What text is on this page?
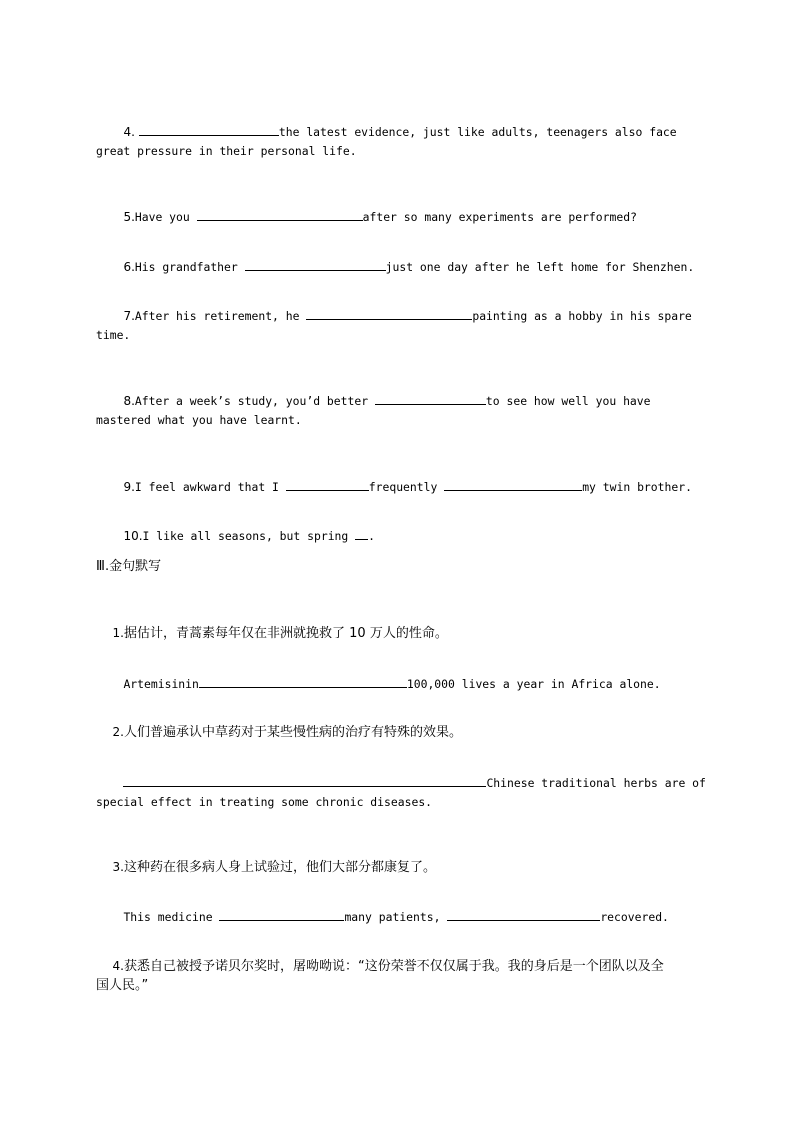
4.	the latest evidence, just like adults, teenagers also face

great pressure in their personal life.

5.Have you	after so many experiments are performed?

6.His grandfather	just one day after he left home for Shenzhen.

7.After his retirement, he	painting as a hobby in his spare

time.

8.After a week’s study, you’d better	to see how well you have

mastered what you have learnt.

9.I feel awkward that I	frequently	my twin brother.

10.I like all seasons, but spring .

Ⅲ.金句默写

1.据估计，青蒿素每年仅在非洲就挽救了 10 万人的性命。

Artemisinin	100,000 lives a year in Africa alone.

2.人们普遍承认中草药对于某些慢性病的治疗有特殊的效果。

Chinese traditional herbs are of

special effect in treating some chronic diseases.

3.这种药在很多病人身上试验过，他们大部分都康复了。

This medicine	many patients,	recovered.

4.获悉自己被授予诺贝尔奖时，屠呦呦说：“这份荣誉不仅仅属于我。我的身后是一个团队以及全

国人民。”
